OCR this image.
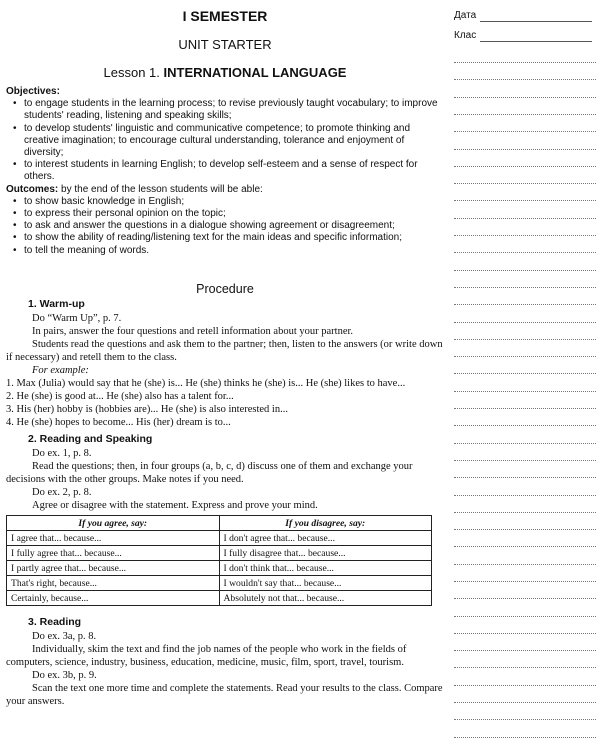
I SEMESTER
UNIT STARTER
Lesson 1. INTERNATIONAL LANGUAGE
Дата
Клас
Objectives:
• to engage students in the learning process; to revise previously taught vocabulary; to improve students' reading, listening and speaking skills;
• to develop students' linguistic and communicative competence; to promote thinking and creative imagination; to encourage cultural understanding, tolerance and enjoyment of diversity;
• to interest students in learning English; to develop self-esteem and a sense of respect for others.
Outcomes: by the end of the lesson students will be able:
• to show basic knowledge in English;
• to express their personal opinion on the topic;
• to ask and answer the questions in a dialogue showing agreement or disagreement;
• to show the ability of reading/listening text for the main ideas and specific information;
• to tell the meaning of words.
Procedure
1. Warm-up

Do “Warm Up”, p. 7.

In pairs, answer the four questions and retell information about your partner.

Students read the questions and ask them to the partner; then, listen to the answers (or write down if necessary) and retell them to the class.

For example:

1. Max (Julia) would say that he (she) is... He (she) thinks he (she) is... He (she) likes to have...

2. He (she) is good at... He (she) also has a talent for...

3. His (her) hobby is (hobbies are)... He (she) is also interested in...

4. He (she) hopes to become... His (her) dream is to...

2. Reading and Speaking

Do ex. 1, p. 8.

Read the questions; then, in four groups (a, b, c, d) discuss one of them and exchange your decisions with the other groups. Make notes if you need.

Do ex. 2, p. 8.

Agree or disagree with the statement. Express and prove your mind.

If you agree, say:	If you disagree, say:
I agree that... because...	I don't agree that... because...
I fully agree that... because...	I fully disagree that... because...
I partly agree that... because...	I don't think that... because...
That's right, because...	I wouldn't say that... because...
Certainly, because...	Absolutely not that... because...
3. Reading

Do ex. 3a, p. 8.

Individually, skim the text and find the job names of the people who work in the fields of computers, science, industry, business, education, medicine, music, film, sport, travel, tourism.

Do ex. 3b, p. 9.

Scan the text one more time and complete the statements. Read your results to the class. Compare your answers.
